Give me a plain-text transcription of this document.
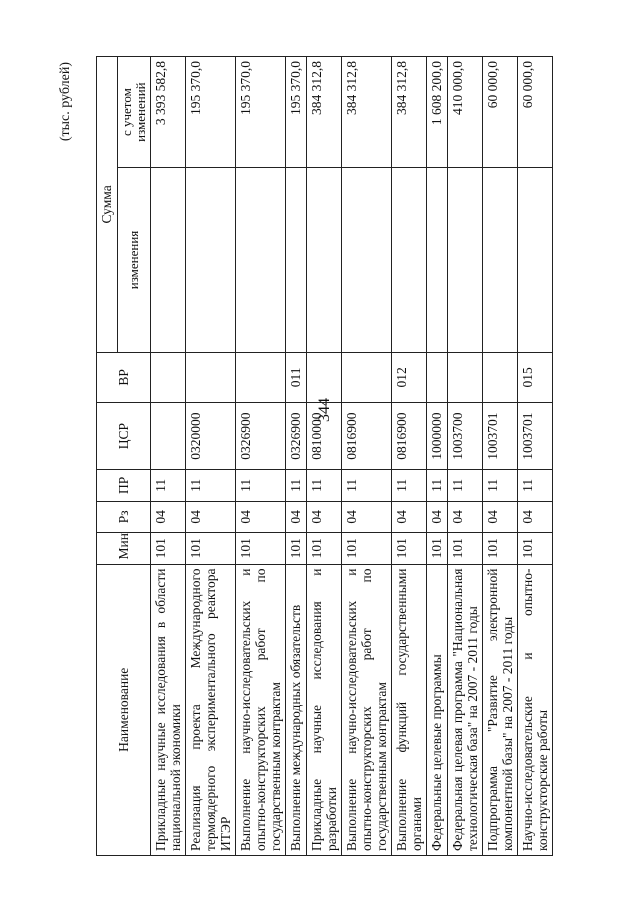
344
(тыс. рублей)
Наименование	Мин	Рз	ПР	ЦСР	ВР	Сумма	
						изменения	с учетом изменений
Прикладные научные исследования в области национальной экономики	101	04	11				3 393 582,8
Реализация проекта Международного термоядерного экспериментального реактора ИТЭР	101	04	11	0320000			195 370,0
Выполнение научно-исследовательских и опытно-конструкторских работ по государственным контрактам	101	04	11	0326900			195 370,0
Выполнение международных обязательств	101	04	11	0326900	011		195 370,0
Прикладные научные исследования и разработки	101	04	11	0810000			384 312,8
Выполнение научно-исследовательских и опытно-конструкторских работ по государственным контрактам	101	04	11	0816900			384 312,8
Выполнение функций государственными органами	101	04	11	0816900	012		384 312,8
Федеральные целевые программы	101	04	11	1000000			1 608 200,0
Федеральная целевая программа "Национальная технологическая база" на 2007 - 2011 годы	101	04	11	1003700			410 000,0
Подпрограмма "Развитие электронной компонентной базы" на 2007 - 2011 годы	101	04	11	1003701			60 000,0
Научно-исследовательские и опытно-конструкторские работы	101	04	11	1003701	015		60 000,0
